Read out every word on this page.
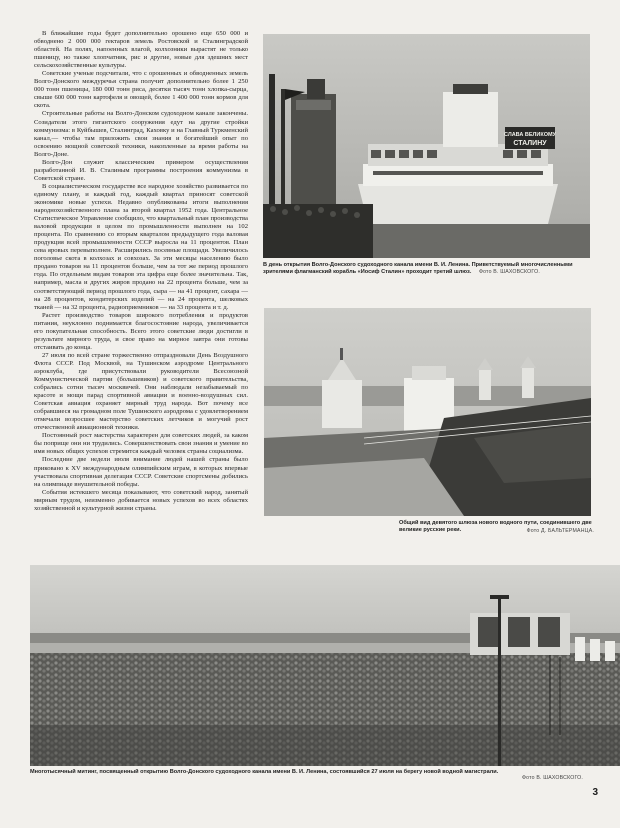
В ближайшие годы будет дополнительно орошено еще 650 000 и обводнено 2 000 000 гектаров земель Ростовской и Сталинградской областей. На полях, напоенных влагой, колхозники вырастят не только пшеницу, но также хлопчатник, рис и другие, новые для здешних мест сельскохозяйственные культуры.

Советские ученые подсчитали, что с орошенных и обводненных земель Волго-Донского междуречья страна получит дополнительно более 1 250 000 тонн пшеницы, 180 000 тонн риса, десятки тысяч тонн хлопка-сырца, свыше 600 000 тонн картофеля и овощей, более 1 400 000 тонн кормов для скота.

Строительные работы на Волго-Донском судоходном канале закончены. Созидатели этого гигантского сооружения едут на другие стройки коммунизма: в Куйбышев, Сталинград, Каховку и на Главный Туркменский канал,— чтобы там приложить свои знания и богатейший опыт по освоению мощной советской техники, накопленные за время работы на Волго-Доне.

Волго-Дон служит классическим примером осуществления разработанной И. В. Сталиным программы построения коммунизма в Советской стране.

В социалистическом государстве все народное хозяйство развивается по единому плану, и каждый год, каждый квартал приносят советской экономике новые успехи. Недавно опубликованы итоги выполнения народнохозяйственного плана за второй квартал 1952 года. Центральное Статистическое Управление сообщило, что квартальный план производства валовой продукции в целом по промышленности выполнен на 102 процента. По сравнению со вторым кварталом предыдущего года валовая продукция всей промышленности СССР выросла на 11 процентов. План сева яровых перевыполнен. Расширились посевные площади. Увеличилось поголовье скота в колхозах и совхозах. За эти месяцы населению было продано товаров на 11 процентов больше, чем за тот же период прошлого года. По отдельным видам товаров эта цифра еще более значительна. Так, например, масла и других жиров продано на 22 процента больше, чем за соответствующий период прошлого года, сыра — на 41 процент, сахара — на 28 процентов, кондитерских изделий — на 24 процента, шелковых тканей — на 32 процента, радиоприемников — на 33 процента и т. д.

Растет производство товаров широкого потребления и продуктов питания, неуклонно поднимается благосостояние народа, увеличивается его покупательная способность. Всего этого советские люди достигли в результате мирного труда, и свое право на мирное завтра они готовы отстаивать до конца.

27 июля по всей стране торжественно отпраздновали День Воздушного Флота СССР. Под Москвой, на Тушинском аэродроме Центрального аэроклуба, где присутствовали руководители Всесоюзной Коммунистической партии (большевиков) и советского правительства, собрались сотни тысяч москвичей. Они наблюдали незабываемый по красоте и мощи парад спортивной авиации и военно-воздушных сил. Советская авиация охраняет мирный труд народа. Вот почему все собравшиеся на громадном поле Тушинского аэродрома с удовлетворением отмечали возросшее мастерство советских летчиков и могучий рост отечественной авиационной техники.

Постоянный рост мастерства характерен для советских людей, за каком бы поприще они ни трудились. Совершенствовать свои знания и умение во имя новых общих успехов стремится каждый человек страны социализма.

Последние две недели июля внимание людей нашей страны было приковано к XV международным олимпийским играм, в которых впервые участвовала спортивная делегация СССР. Советские спортсмены добились на олимпиаде внушительной победы.

События истекшего месяца показывают, что советский народ, занятый мирным трудом, неизменно добивается новых успехов во всех областях хозяйственной и культурной жизни страны.

СЛАВА ВЕЛИКОМУ
СТАЛИНУ
В день открытия Волго-Донского судоходного канала имени В. И. Ленина. Приветствуемый многочисленными зрителями флагманский корабль «Иосиф Сталин» проходит третий шлюз. Фото В. ШАХОВСКОГО.
Общий вид девятого шлюза нового водного пути, соединившего две великие русские реки.	Фото Д. БАЛЬТЕРМАНЦА.
Многотысячный митинг, посвященный открытию Волго-Донского судоходного канала имени В. И. Ленина, состоявшийся 27 июля на берегу новой водной магистрали.
Фото В. ШАХОВСКОГО.
3
